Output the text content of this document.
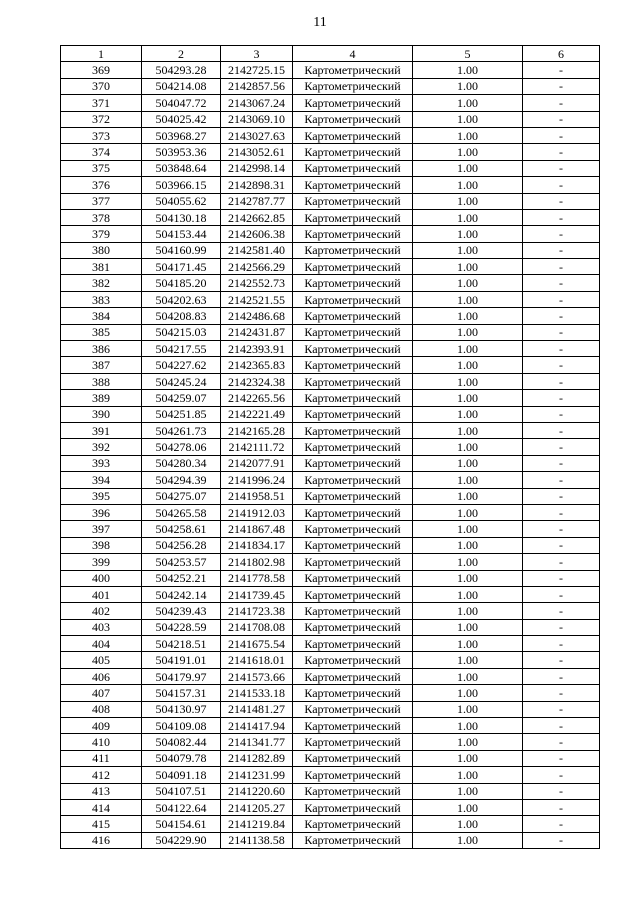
11
1	2	3	4	5	6
369	504293.28	2142725.15	Картометрический	1.00	-
370	504214.08	2142857.56	Картометрический	1.00	-
371	504047.72	2143067.24	Картометрический	1.00	-
372	504025.42	2143069.10	Картометрический	1.00	-
373	503968.27	2143027.63	Картометрический	1.00	-
374	503953.36	2143052.61	Картометрический	1.00	-
375	503848.64	2142998.14	Картометрический	1.00	-
376	503966.15	2142898.31	Картометрический	1.00	-
377	504055.62	2142787.77	Картометрический	1.00	-
378	504130.18	2142662.85	Картометрический	1.00	-
379	504153.44	2142606.38	Картометрический	1.00	-
380	504160.99	2142581.40	Картометрический	1.00	-
381	504171.45	2142566.29	Картометрический	1.00	-
382	504185.20	2142552.73	Картометрический	1.00	-
383	504202.63	2142521.55	Картометрический	1.00	-
384	504208.83	2142486.68	Картометрический	1.00	-
385	504215.03	2142431.87	Картометрический	1.00	-
386	504217.55	2142393.91	Картометрический	1.00	-
387	504227.62	2142365.83	Картометрический	1.00	-
388	504245.24	2142324.38	Картометрический	1.00	-
389	504259.07	2142265.56	Картометрический	1.00	-
390	504251.85	2142221.49	Картометрический	1.00	-
391	504261.73	2142165.28	Картометрический	1.00	-
392	504278.06	2142111.72	Картометрический	1.00	-
393	504280.34	2142077.91	Картометрический	1.00	-
394	504294.39	2141996.24	Картометрический	1.00	-
395	504275.07	2141958.51	Картометрический	1.00	-
396	504265.58	2141912.03	Картометрический	1.00	-
397	504258.61	2141867.48	Картометрический	1.00	-
398	504256.28	2141834.17	Картометрический	1.00	-
399	504253.57	2141802.98	Картометрический	1.00	-
400	504252.21	2141778.58	Картометрический	1.00	-
401	504242.14	2141739.45	Картометрический	1.00	-
402	504239.43	2141723.38	Картометрический	1.00	-
403	504228.59	2141708.08	Картометрический	1.00	-
404	504218.51	2141675.54	Картометрический	1.00	-
405	504191.01	2141618.01	Картометрический	1.00	-
406	504179.97	2141573.66	Картометрический	1.00	-
407	504157.31	2141533.18	Картометрический	1.00	-
408	504130.97	2141481.27	Картометрический	1.00	-
409	504109.08	2141417.94	Картометрический	1.00	-
410	504082.44	2141341.77	Картометрический	1.00	-
411	504079.78	2141282.89	Картометрический	1.00	-
412	504091.18	2141231.99	Картометрический	1.00	-
413	504107.51	2141220.60	Картометрический	1.00	-
414	504122.64	2141205.27	Картометрический	1.00	-
415	504154.61	2141219.84	Картометрический	1.00	-
416	504229.90	2141138.58	Картометрический	1.00	-
